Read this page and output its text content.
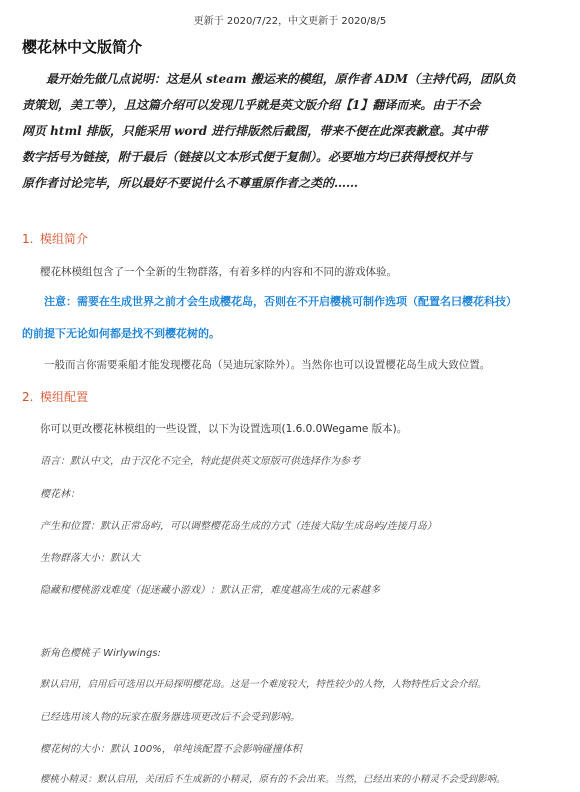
更新于 2020/7/22，中文更新于 2020/8/5
樱花林中文版简介
最开始先做几点说明：这是从 steam 搬运来的模组，原作者 ADM（主持代码，团队负
责策划，美工等），且这篇介绍可以发现几乎就是英文版介绍【1】翻译而来。由于不会
网页 html 排版，只能采用 word 进行排版然后截图，带来不便在此深表歉意。其中带
数字括号为链接，附于最后（链接以文本形式便于复制）。必要地方均已获得授权并与
原作者讨论完毕，所以最好不要说什么不尊重原作者之类的……
1. 模组简介
樱花林模组包含了一个全新的生物群落，有着多样的内容和不同的游戏体验。
注意：需要在生成世界之前才会生成樱花岛，否则在不开启樱桃可制作选项（配置名曰樱花科技）
的前提下无论如何都是找不到樱花树的。
一般而言你需要乘船才能发现樱花岛（吴迪玩家除外）。当然你也可以设置樱花岛生成大致位置。
2. 模组配置
你可以更改樱花林模组的一些设置，以下为设置选项(1.6.0.0Wegame 版本)。
语言：默认中文，由于汉化不完全，特此提供英文原版可供选择作为参考
樱花林：
产生和位置：默认正常岛屿，可以调整樱花岛生成的方式（连接大陆/生成岛屿/连接月岛）
生物群落大小：默认大
隐藏和樱桃游戏难度（捉迷藏小游戏）：默认正常，难度越高生成的元素越多
新角色樱桃子 Wirlywings:
默认启用，启用后可选用以开局探明樱花岛。这是一个难度较大，特性较少的人物，人物特性后文会介绍。
已经选用该人物的玩家在服务器选项更改后不会受到影响。
樱花树的大小：默认 100%，单纯该配置不会影响碰撞体积
樱桃小精灵：默认启用，关闭后不生成新的小精灵，原有的不会出来。当然，已经出来的小精灵不会受到影响。
